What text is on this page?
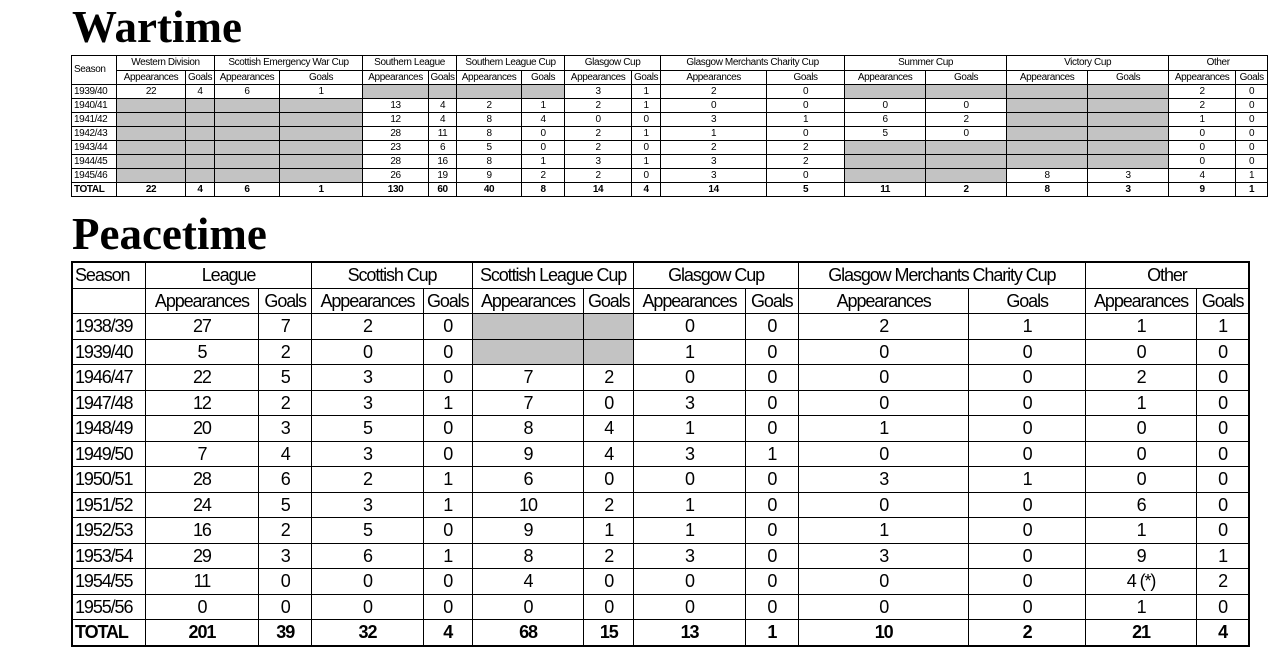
Wartime
Season	Western Division		Scottish Emergency War Cup		Southern League		Southern League Cup		Glasgow Cup		Glasgow Merchants Charity Cup		Summer Cup		Victory Cup		Other	
	Appearances	Goals	Appearances	Goals	Appearances	Goals	Appearances	Goals	Appearances	Goals	Appearances	Goals	Appearances	Goals	Appearances	Goals	Appearances	Goals
1939/40	22	4	6	1					3	1	2	0					2	0
1940/41					13	4	2	1	2	1	0	0	0	0			2	0
1941/42					12	4	8	4	0	0	3	1	6	2			1	0
1942/43					28	11	8	0	2	1	1	0	5	0			0	0
1943/44					23	6	5	0	2	0	2	2					0	0
1944/45					28	16	8	1	3	1	3	2					0	0
1945/46					26	19	9	2	2	0	3	0			8	3	4	1
TOTAL	22	4	6	1	130	60	40	8	14	4	14	5	11	2	8	3	9	1
Peacetime
Season	League		Scottish Cup		Scottish League Cup		Glasgow Cup		Glasgow Merchants Charity Cup		Other	
	Appearances	Goals	Appearances	Goals	Appearances	Goals	Appearances	Goals	Appearances	Goals	Appearances	Goals
1938/39	27	7	2	0			0	0	2	1	1	1
1939/40	5	2	0	0			1	0	0	0	0	0
1946/47	22	5	3	0	7	2	0	0	0	0	2	0
1947/48	12	2	3	1	7	0	3	0	0	0	1	0
1948/49	20	3	5	0	8	4	1	0	1	0	0	0
1949/50	7	4	3	0	9	4	3	1	0	0	0	0
1950/51	28	6	2	1	6	0	0	0	3	1	0	0
1951/52	24	5	3	1	10	2	1	0	0	0	6	0
1952/53	16	2	5	0	9	1	1	0	1	0	1	0
1953/54	29	3	6	1	8	2	3	0	3	0	9	1
1954/55	11	0	0	0	4	0	0	0	0	0	4 (*)	2
1955/56	0	0	0	0	0	0	0	0	0	0	1	0
TOTAL	201	39	32	4	68	15	13	1	10	2	21	4
